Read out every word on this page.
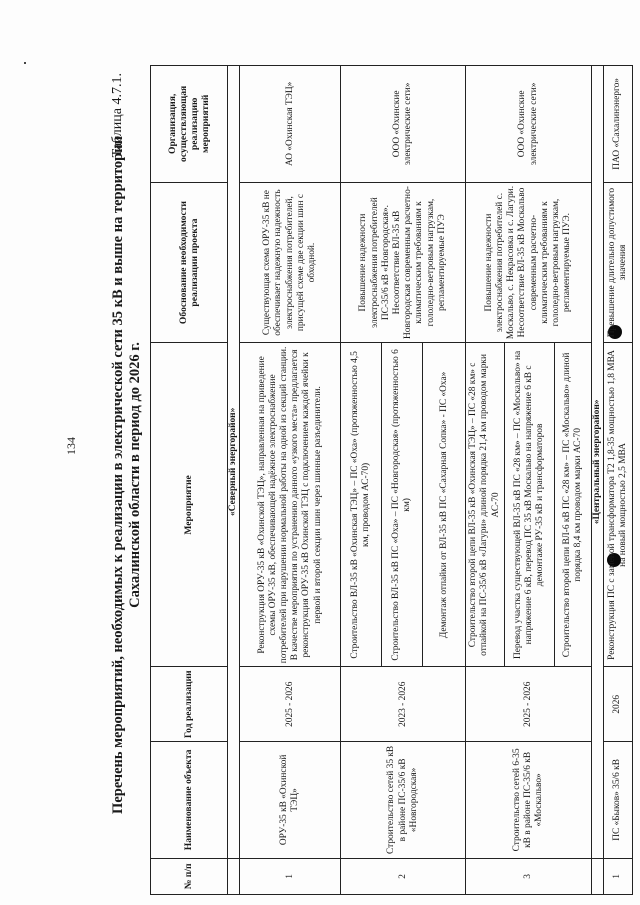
134
Таблица 4.7.1.
Перечень мероприятий, необходимых к реализации в электрической сети 35 кВ и выше на территории Сахалинской области в период до 2026 г.
№ п/п	Наименование объекта	Год реализации	Мероприятие	Обоснование необходимости реализации проекта	Организация, осуществляющая реализацию мероприятий
	«Северный энергорайон»				
1	ОРУ-35 кВ «Охинской ТЭЦ»	2025 - 2026	Реконструкция ОРУ-35 кВ «Охинской ТЭЦ», направленная на приведение схемы ОРУ-35 кВ, обеспечивающей надёжное электроснабжение потребителей при нарушении нормальной работы на одной из секций станции. В качестве мероприятия по устранению данного «узкого места» предлагается реконструкция ОРУ-35 кВ Охинской ТЭЦ с подключением каждой ячейки к первой и второй секции шин через шинные разъединители.	Существующая схема ОРУ-35 кВ не обеспечивает надежную надежность электроснабжения потребителей, присущей схеме две секции шин с обходной.	АО «Охинская ТЭЦ»
2	Строительство сетей 35 кВ в районе ПС-35/6 кВ «Новгородская»	2023 - 2026	Строительство ВЛ-35 кВ «Охинская ТЭЦ» – ПС «Оха» (протяженностью 4,5 км, проводом АС-70)	Повышение надежности электроснабжения потребителей ПС-35/6 кВ «Новгородская». Несоответствие ВЛ-35 кВ Новгородская современным расчетно-климатическим требованиям к гололедно-ветровым нагрузкам, регламентируемые ПУЭ	ООО «Охинские электрические сети»
			Строительство ВЛ-35 кВ ПС «Оха» – ПС «Новгородская» (протяженностью 6 км)		
			Демонтаж отпайки от ВЛ-35 кВ ПС «Сахарная Сопка» - ПС «Оха»		
3	Строительство сетей 6-35 кВ в районе ПС-35/6 кВ «Москальво»	2025 - 2026	Строительство второй цепи ВЛ-35 кВ «Охинская ТЭЦ» – ПС «28 км» с отпайкой на ПС-35/6 кВ «Лагури» длиной порядка 21,4 км проводом марки АС-70	Повышение надежности электроснабжения потребителей с. Москальво, с. Некрасовка и с. Лагури. Несоответствие ВЛ-35 кВ Москальво современным расчетно-климатическим требованиям к гололедно-ветровым нагрузкам, регламентируемые ПУЭ.	ООО «Охинские электрические сети»
			Перевод участка существующей ВЛ-35 кВ ПС «28 км» – ПС «Москальво» на напряжение 6 кВ, перевод ПС 35 кВ Москальво на напряжение 6 кВ с демонтаже РУ-35 кВ и трансформаторов		
			Строительство второй цепи ВЛ-6 кВ ПС «28 км» – ПС «Москальво» длиной порядка 8,4 км проводом марки АС-70		
	«Центральный энергорайон»				
1	ПС «Быков» 35/6 кВ	2026	Реконструкция ПС с заменой трансформатора Т2 1,8-35 мощностью 1,8 МВА на новый мощностью 2,5 МВА	Превышение длительно допустимого значения	ПАО «Сахалинэнерго»
